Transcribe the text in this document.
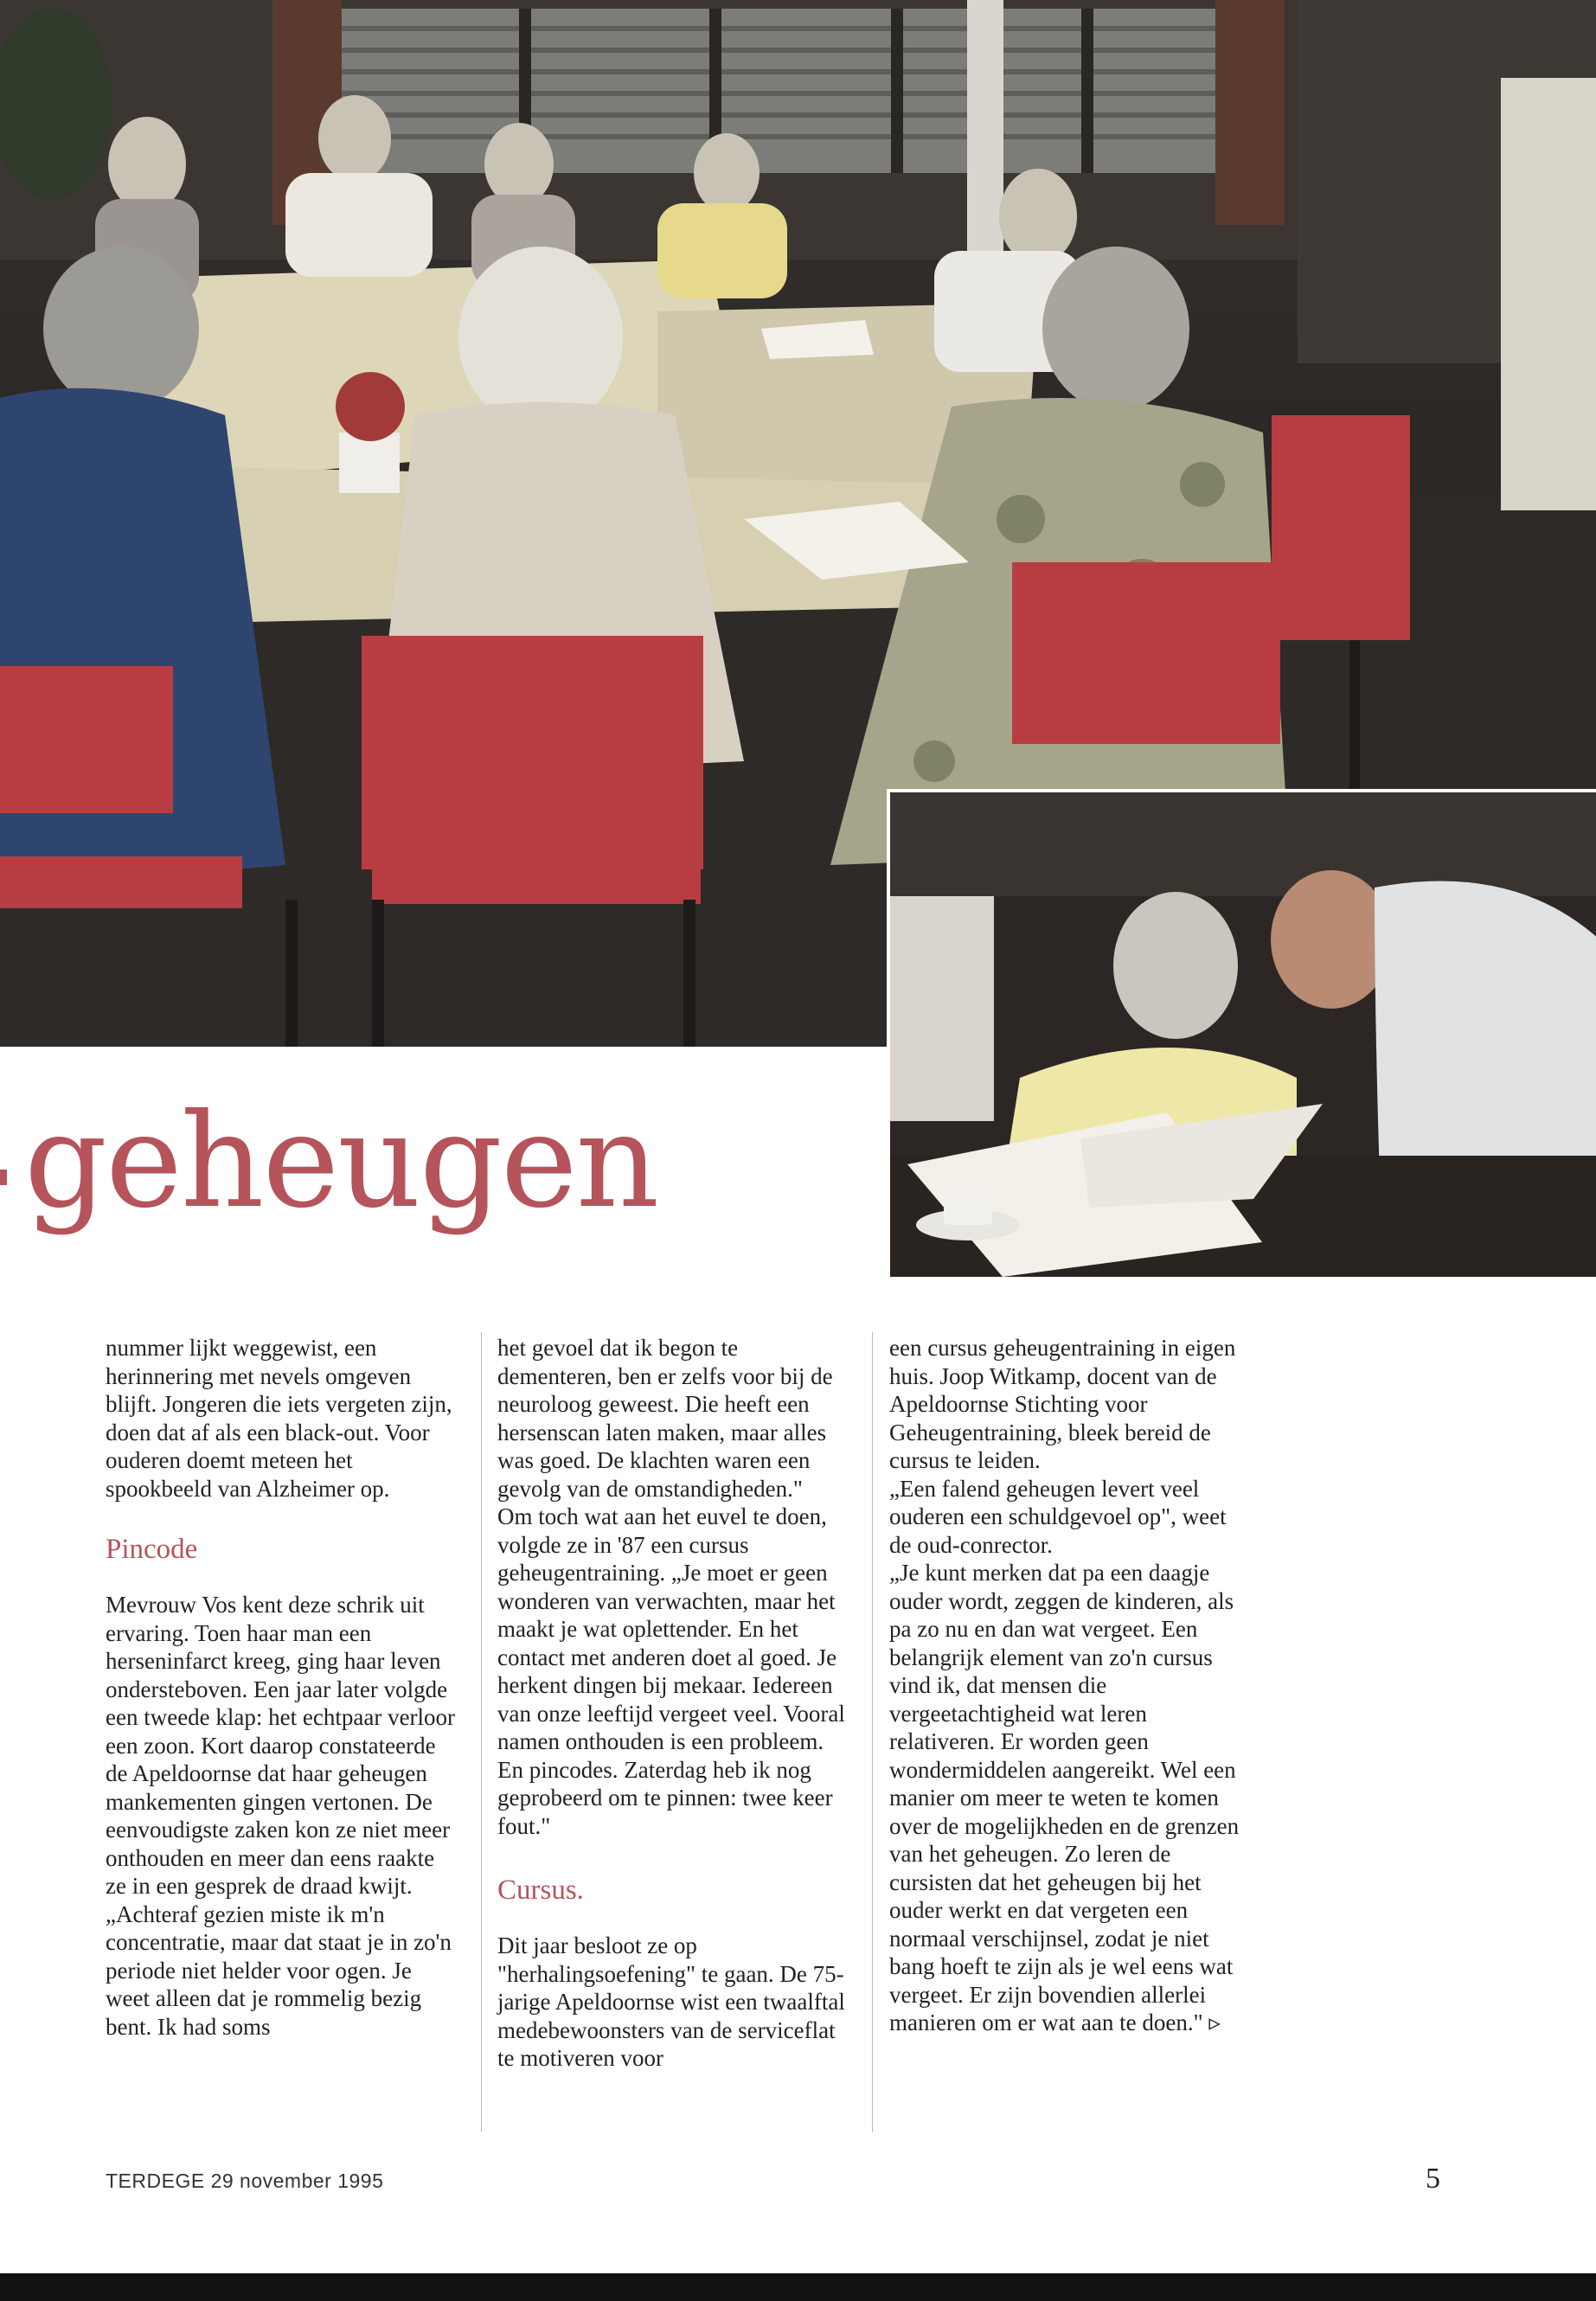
geheugen

nummer lijkt weggewist, een herinnering met nevels omgeven blijft. Jongeren die iets vergeten zijn, doen dat af als een black-out. Voor ouderen doemt meteen het spookbeeld van Alzheimer op.

Pincode

Mevrouw Vos kent deze schrik uit ervaring. Toen haar man een herseninfarct kreeg, ging haar leven ondersteboven. Een jaar later volgde een tweede klap: het echtpaar verloor een zoon. Kort daarop constateerde de Apeldoornse dat haar geheugen mankementen gingen vertonen. De eenvoudigste zaken kon ze niet meer onthouden en meer dan eens raakte ze in een gesprek de draad kwijt.

„Achteraf gezien miste ik m'n concentratie, maar dat staat je in zo'n periode niet helder voor ogen. Je weet alleen dat je rommelig bezig bent. Ik had soms

het gevoel dat ik begon te dementeren, ben er zelfs voor bij de neuroloog geweest. Die heeft een hersenscan laten maken, maar alles was goed. De klachten waren een gevolg van de omstandigheden."

Om toch wat aan het euvel te doen, volgde ze in '87 een cursus geheugentraining. „Je moet er geen wonderen van verwachten, maar het maakt je wat oplettender. En het contact met anderen doet al goed. Je herkent dingen bij mekaar. Iedereen van onze leeftijd vergeet veel. Vooral namen onthouden is een probleem. En pincodes. Zaterdag heb ik nog geprobeerd om te pinnen: twee keer fout."

Cursus.

Dit jaar besloot ze op "herhalingsoefening" te gaan. De 75-jarige Apeldoornse wist een twaalftal medebewoonsters van de serviceflat te motiveren voor

een cursus geheugentraining in eigen huis. Joop Witkamp, docent van de Apeldoornse Stichting voor Geheugentraining, bleek bereid de cursus te leiden.

„Een falend geheugen levert veel ouderen een schuldgevoel op", weet de oud-conrector.

„Je kunt merken dat pa een daagje ouder wordt, zeggen de kinderen, als pa zo nu en dan wat vergeet. Een belangrijk element van zo'n cursus vind ik, dat mensen die vergeetachtigheid wat leren relativeren. Er worden geen wondermiddelen aangereikt. Wel een manier om meer te weten te komen over de mogelijkheden en de grenzen van het geheugen. Zo leren de cursisten dat het geheugen bij het ouder werkt en dat vergeten een normaal verschijnsel, zodat je niet bang hoeft te zijn als je wel eens wat vergeet. Er zijn bovendien allerlei manieren om er wat aan te doen." ▹

TERDEGE 29 november 1995	5
